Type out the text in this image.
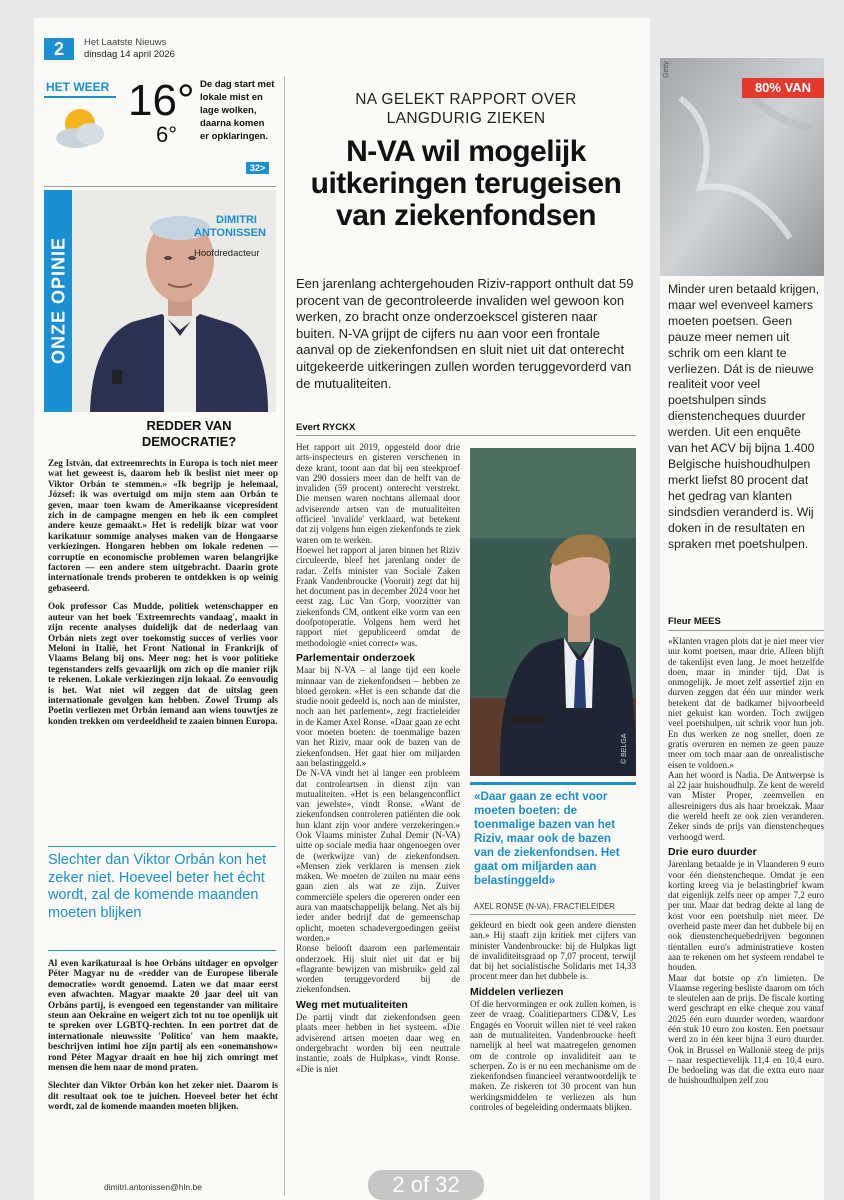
2	Het Laatste Nieuws
dinsdag 14 april 2026
HET WEER 16°
6°
De dag start met lokale mist en lage wolken, daarna komen er opklaringen.
32>
ONZE OPINIE
DIMITRI
ANTONISSEN
Hoofdredacteur
REDDER VAN DEMOCRATIE?

Zeg István, dat extreemrechts in Europa is toch niet meer wat het geweest is, daarom heb ik beslist niet meer op Viktor Orbán te stemmen.» «Ik begrijp je helemaal, József: ik was overtuigd om mijn stem aan Orbán te geven, maar toen kwam de Amerikaanse vicepresident zich in de campagne mengen en heb ik een compleet andere keuze gemaakt.» Het is redelijk bizar wat voor karikatuur sommige analyses maken van de Hongaarse verkiezingen. Hongaren hebben om lokale redenen — corruptie en economische problemen waren belangrijke factoren — een andere stem uitgebracht. Daarin grote internationale trends proberen te ontdekken is op weinig gebaseerd.

Ook professor Cas Mudde, politiek wetenschapper en auteur van het boek 'Extreemrechts vandaag', maakt in zijn recente analyses duidelijk dat de nederlaag van Orbán niets zegt over toekomstig succes of verlies voor Meloni in Italië, het Front National in Frankrijk of Vlaams Belang bij ons. Meer nog: het is voor politieke tegenstanders zelfs gevaarlijk om zich op die manier rijk te rekenen. Lokale verkiezingen zijn lokaal. Zo eenvoudig is het. Wat niet wil zeggen dat de uitslag geen internationale gevolgen kan hebben. Zowel Trump als Poetin verliezen met Orbán iemand aan wiens touwtjes ze konden trekken om verdeeldheid te zaaien binnen Europa.

Slechter dan Viktor Orbán kon het zeker niet. Hoeveel beter het écht wordt, zal de komende maanden moeten blijken

Al even karikaturaal is hoe Orbáns uitdager en opvolger Péter Magyar nu de «redder van de Europese liberale democratie» wordt genoemd. Laten we dat maar eerst even afwachten. Magyar maakte 20 jaar deel uit van Orbáns partij, is evengoed een tegenstander van militaire steun aan Oekraïne en weigert zich tot nu toe openlijk uit te spreken over LGBTQ-rechten. In een portret dat de internationale nieuwssite 'Politico' van hem maakte, beschrijven intimi hoe zijn partij als een «onemanshow» rond Péter Magyar draait en hoe hij zich omringt met mensen die hem naar de mond praten.

Slechter dan Viktor Orbán kon het zeker niet. Daarom is dit resultaat ook toe te juichen. Hoeveel beter het écht wordt, zal de komende maanden moeten blijken.

dimitri.antonissen@hln.be
NA GELEKT RAPPORT OVER LANGDURIG ZIEKEN
N-VA wil mogelijk uitkeringen terugeisen van ziekenfondsen
Een jarenlang achtergehouden Riziv-rapport onthult dat 59 procent van de gecontroleerde invaliden wel gewoon kon werken, zo bracht onze onderzoekscel gisteren naar buiten. N-VA grijpt de cijfers nu aan voor een frontale aanval op de ziekenfondsen en sluit niet uit dat onterecht uitgekeerde uitkeringen zullen worden teruggevorderd van de mutualiteiten.
Evert RYCKX

Het rapport uit 2019, opgesteld door drie arts-inspecteurs en gisteren verschenen in deze krant, toont aan dat bij een steekproef van 290 dossiers meer dan de helft van de invaliden (59 procent) onterecht verstrekt. Die mensen waren nochtans allemaal door adviserende artsen van de mutualiteiten officieel 'invalide' verklaard, wat betekent dat zij volgens hun eigen ziekenfonds te ziek waren om te werken.

Hoewel het rapport al jaren binnen het Riziv circuleerde, bleef het jarenlang onder de radar. Zelfs minister van Sociale Zaken Frank Vandenbroucke (Vooruit) zegt dat hij het document pas in december 2024 voor het eerst zag. Luc Van Gorp, voorzitter van ziekenfonds CM, ontkent elke vorm van een doofpotoperatie. Volgens hem werd het rapport niet gepubliceerd omdat de methodologie «niet correct» was.

Parlementair onderzoek

Maar bij N-VA – al lange tijd een koele minnaar van de ziekenfondsen – hebben ze bloed geroken. «Het is een schande dat die studie nooit gedeeld is, noch aan de minister, noch aan het parlement», zegt fractieleider in de Kamer Axel Ronse. «Daar gaan ze echt voor moeten boeten: de toenmalige bazen van het Riziv, maar ook de bazen van de ziekenfondsen. Het gaat hier om miljarden aan belastinggeld.»

De N-VA vindt het al langer een probleem dat controleartsen in dienst zijn van mutualiteiten. «Het is een belangenconflict van jewelste», vindt Ronse. «Want de ziekenfondsen controleren patiënten die ook hun klant zijn voor andere verzekeringen.» Ook Vlaams minister Zuhal Demir (N-VA) uitte op sociale media haar ongenoegen over de (werkwijze van) de ziekenfondsen. «Mensen ziek verklaren is mensen ziek maken. We moeten de zuilen nu maar eens gaan zien als wat ze zijn. Zuiver commerciële spelers die opereren onder een aura van maatschappelijk belang. Net als bij ieder ander bedrijf dat de gemeenschap oplicht, moeten schadevergoedingen geëist worden.»

Ronse belooft daarom een parlementair onderzoek. Hij sluit niet uit dat er bij «flagrante bewijzen van misbruik» geld zal worden teruggevorderd bij de ziekenfondsen.

Weg met mutualiteiten

De partij vindt dat ziekenfondsen geen plaats meer hebben in het systeem. «Die adviserend artsen moeten daar weg en ondergebracht worden bij een neutrale instantie, zoals de Hulpkas», vindt Ronse. «Die is niet

© BELGA
«Daar gaan ze echt voor moeten boeten: de toenmalige bazen van het Riziv, maar ook de bazen van de ziekenfondsen. Het gaat om miljarden aan belastinggeld»
AXEL RONSE (N-VA), FRACTIELEIDER

gekleurd en biedt ook geen andere diensten aan.» Hij staaft zijn kritiek met cijfers van minister Vandenbroucke: bij de Hulpkas ligt de invaliditeitsgraad op 7,07 procent, terwijl dat bij het socialistische Solidaris met 14,33 procent meer dan het dubbele is.

Middelen verliezen

Of die hervormingen er ook zullen komen, is zeer de vraag. Coalitiepartners CD&V, Les Engagés en Vooruit willen niet té veel raken aan de mutualiteiten. Vandenbroucke heeft namelijk al heel wat maatregelen genomen om de controle op invaliditeit aan te scherpen. Zo is er nu een mechanisme om de ziekenfondsen financieel verantwoordelijk te maken. Ze riskeren tot 30 procent van hun werkingsmiddelen te verliezen als hun controles of begeleiding ondermaats blijken.

Getty
80% VAN
Minder uren betaald krijgen, maar wel evenveel kamers moeten poetsen. Geen pauze meer nemen uit schrik om een klant te verliezen. Dát is de nieuwe realiteit voor veel poetshulpen sinds dienstencheques duurder werden. Uit een enquête van het ACV bij bijna 1.400 Belgische huishoudhulpen merkt liefst 80 procent dat het gedrag van klanten sindsdien veranderd is. Wij doken in de resultaten en spraken met poetshulpen.
Fleur MEES

«Klanten vragen plots dat je niet meer vier uur komt poetsen, maar drie. Alleen blijft de takenlijst even lang. Je moet hetzelfde doen, maar in minder tijd. Dat is onmogelijk. Je moet zelf assertief zijn en durven zeggen dat één uur minder werk betekent dat de badkamer bijvoorbeeld niet gekuist kan worden. Toch zwijgen veel poetshulpen, uit schrik voor hun job. En dus werken ze nog sneller, doen ze gratis overuren en nemen ze geen pauze meer om toch maar aan de onrealistische eisen te voldoen.»

Aan het woord is Nadia. De Antwerpse is al 22 jaar huishoudhulp. Ze kent de wereld van Mister Proper, zeemvellen en allesreinigers dus als haar broekzak. Maar die wereld heeft ze ook zien veranderen. Zeker sinds de prijs van dienstencheques verhoogd werd.

Drie euro duurder

Jarenlang betaalde je in Vlaanderen 9 euro voor één dienstencheque. Omdat je een korting kreeg via je belastingbrief kwam dat eigenlijk zelfs neer op amper 7,2 euro per uur. Maar dat bedrag dekte al lang de kost voor een poetshulp niet meer. De overheid paste meer dan het dubbele bij en ook dienstenchequebedrijven begonnen tientallen euro's administratieve kosten aan te rekenen om het systeem rendabel te houden.

Maar dat botste op z'n limieten. De Vlaamse regering besliste daarom om tóch te sleutelen aan de prijs. De fiscale korting werd geschrapt en elke cheque zou vanaf 2025 één euro duurder worden, waardoor één stuk 10 euro zou kosten. Een poetsuur werd zo in één keer bijna 3 euro duurder. Ook in Brussel en Wallonië steeg de prijs – naar respectievelijk 11,4 en 10,4 euro. De bedoeling was dat die extra euro naar de huishoudhulpen zelf zou

2 of 32
